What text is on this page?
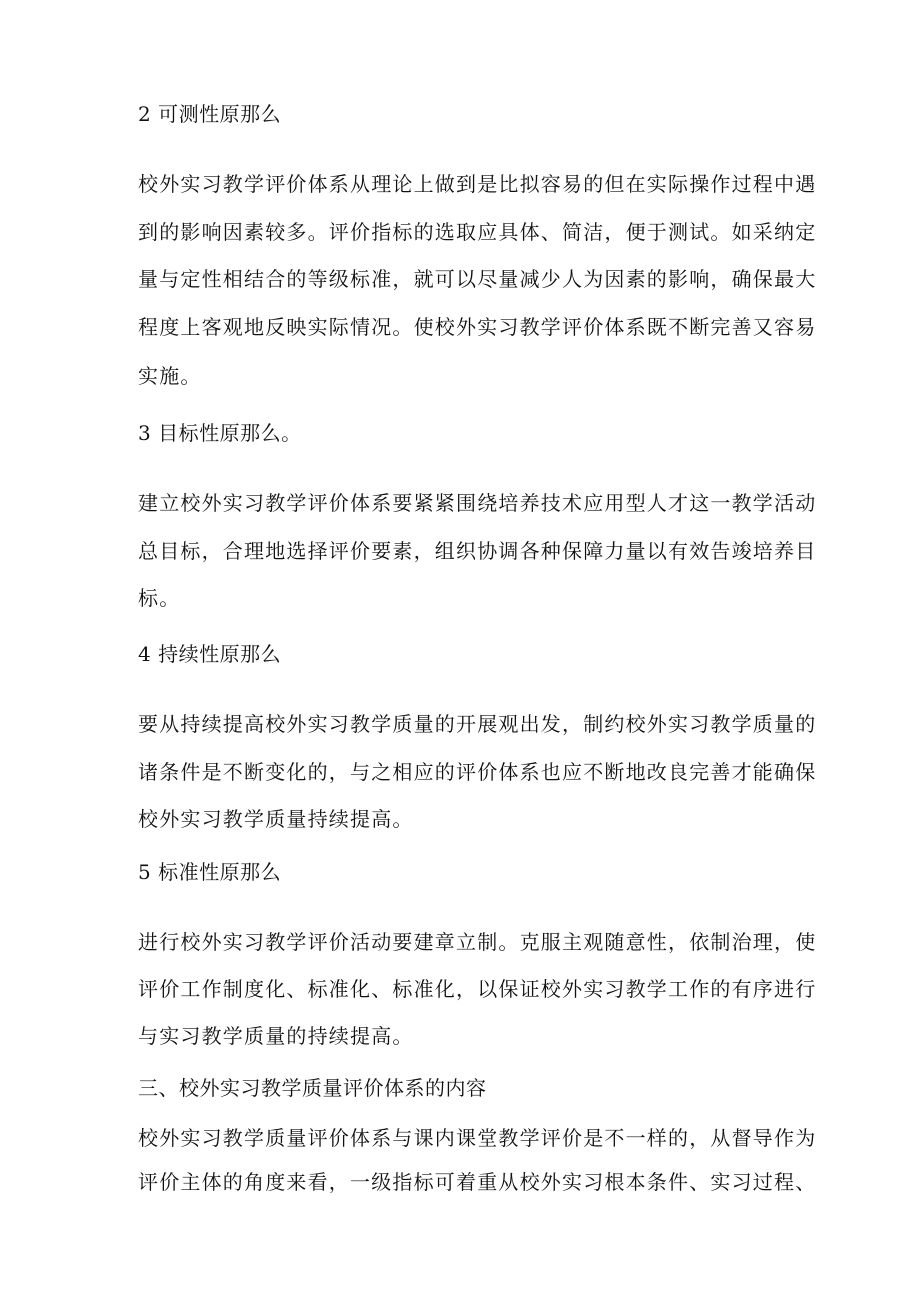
2 可测性原那么
校外实习教学评价体系从理论上做到是比拟容易的但在实际操作过程中遇
到的影响因素较多。评价指标的选取应具体、简洁，便于测试。如采纳定
量与定性相结合的等级标准，就可以尽量减少人为因素的影响，确保最大
程度上客观地反映实际情况。使校外实习教学评价体系既不断完善又容易
实施。
3 目标性原那么。
建立校外实习教学评价体系要紧紧围绕培养技术应用型人才这一教学活动
总目标，合理地选择评价要素，组织协调各种保障力量以有效告竣培养目
标。
4 持续性原那么
要从持续提高校外实习教学质量的开展观出发，制约校外实习教学质量的
诸条件是不断变化的，与之相应的评价体系也应不断地改良完善才能确保
校外实习教学质量持续提高。
5 标准性原那么
进行校外实习教学评价活动要建章立制。克服主观随意性，依制治理，使
评价工作制度化、标准化、标准化，以保证校外实习教学工作的有序进行
与实习教学质量的持续提高。
三、校外实习教学质量评价体系的内容
校外实习教学质量评价体系与课内课堂教学评价是不一样的，从督导作为
评价主体的角度来看，一级指标可着重从校外实习根本条件、实习过程、
